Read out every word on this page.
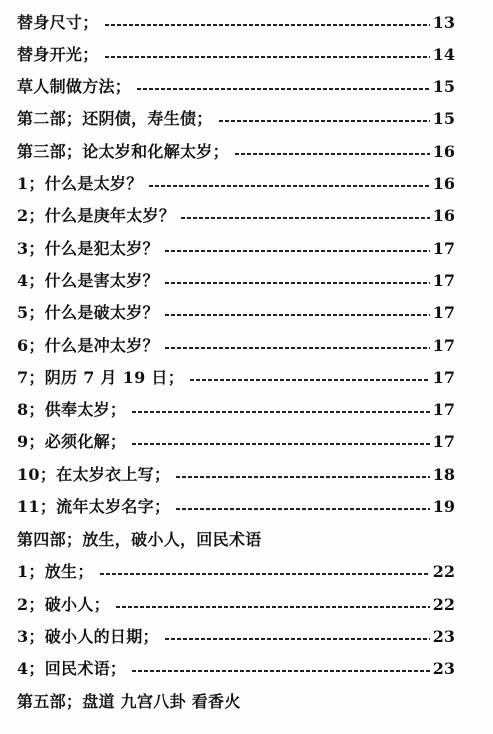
替身尺寸；	13
替身开光；	14
草人制做方法；	15
第二部；还阴债，寿生债；	15
第三部；论太岁和化解太岁；	16
1；什么是太岁？	16
2；什么是庚年太岁？	16
3；什么是犯太岁？	17
4；什么是害太岁？	17
5；什么是破太岁？	17
6；什么是冲太岁？	17
7；阴历 7 月 19 日；	17
8；供奉太岁；	17
9；必须化解；	17
10；在太岁衣上写；	18
11；流年太岁名字；	19
第四部；放生，破小人，回民术语
1；放生；	22
2；破小人；	22
3；破小人的日期；	23
4；回民术语；	23
第五部；盘道 九宫八卦 看香火
